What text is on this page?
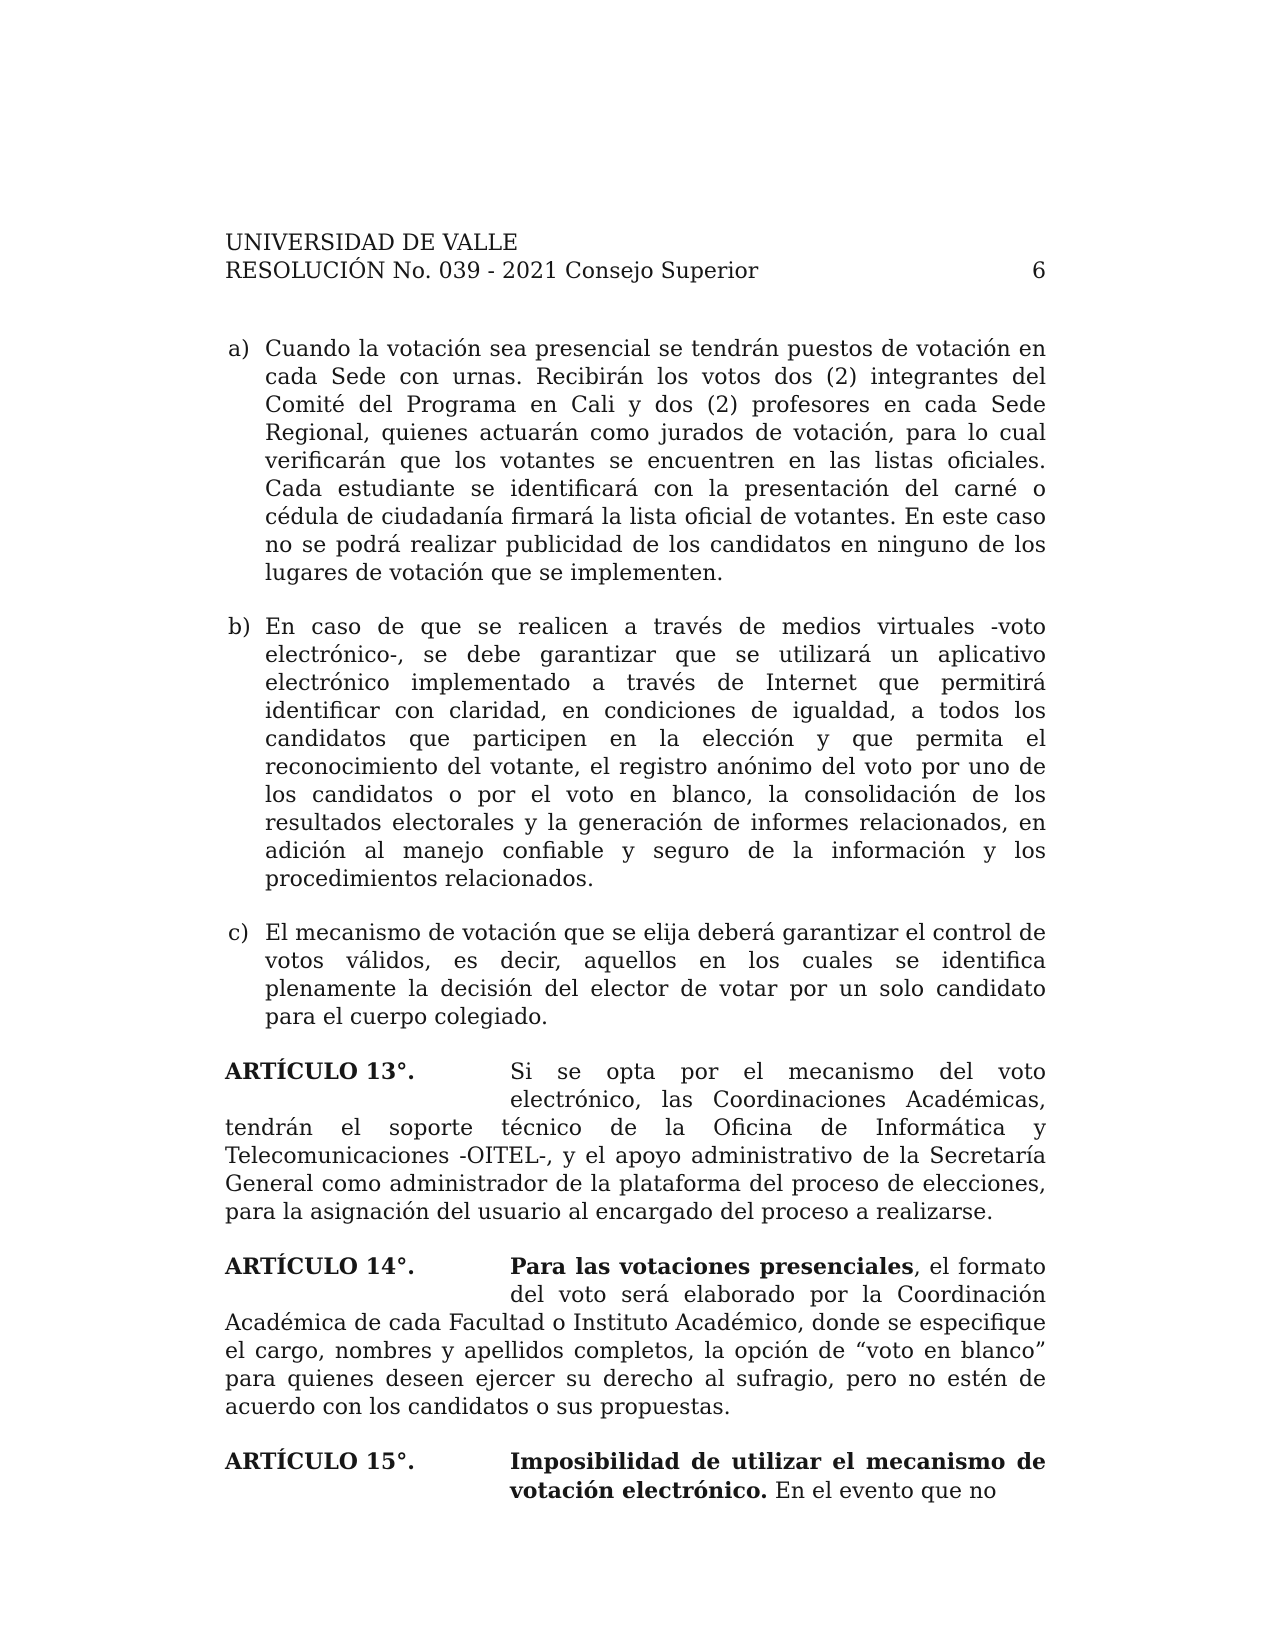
UNIVERSIDAD DE VALLE
RESOLUCIÓN No. 039 - 2021 Consejo Superior	6
a) Cuando la votación sea presencial se tendrán puestos de votación en cada Sede con urnas. Recibirán los votos dos (2) integrantes del Comité del Programa en Cali y dos (2) profesores en cada Sede Regional, quienes actuarán como jurados de votación, para lo cual verificarán que los votantes se encuentren en las listas oficiales. Cada estudiante se identificará con la presentación del carné o cédula de ciudadanía firmará la lista oficial de votantes. En este caso no se podrá realizar publicidad de los candidatos en ninguno de los lugares de votación que se implementen.

b) En caso de que se realicen a través de medios virtuales -voto electrónico-, se debe garantizar que se utilizará un aplicativo electrónico implementado a través de Internet que permitirá identificar con claridad, en condiciones de igualdad, a todos los candidatos que participen en la elección y que permita el reconocimiento del votante, el registro anónimo del voto por uno de los candidatos o por el voto en blanco, la consolidación de los resultados electorales y la generación de informes relacionados, en adición al manejo confiable y seguro de la información y los procedimientos relacionados.

c) El mecanismo de votación que se elija deberá garantizar el control de votos válidos, es decir, aquellos en los cuales se identifica plenamente la decisión del elector de votar por un solo candidato para el cuerpo colegiado.

ARTÍCULO 13°.	Si se opta por el mecanismo del voto electrónico, las Coordinaciones Académicas, tendrán el soporte técnico de la Oficina de Informática y Telecomunicaciones -OITEL-, y el apoyo administrativo de la Secretaría General como administrador de la plataforma del proceso de elecciones, para la asignación del usuario al encargado del proceso a realizarse.

ARTÍCULO 14°.	Para las votaciones presenciales, el formato del voto será elaborado por la Coordinación Académica de cada Facultad o Instituto Académico, donde se especifique el cargo, nombres y apellidos completos, la opción de “voto en blanco” para quienes deseen ejercer su derecho al sufragio, pero no estén de acuerdo con los candidatos o sus propuestas.

ARTÍCULO 15°.	Imposibilidad de utilizar el mecanismo de votación electrónico. En el evento que no
